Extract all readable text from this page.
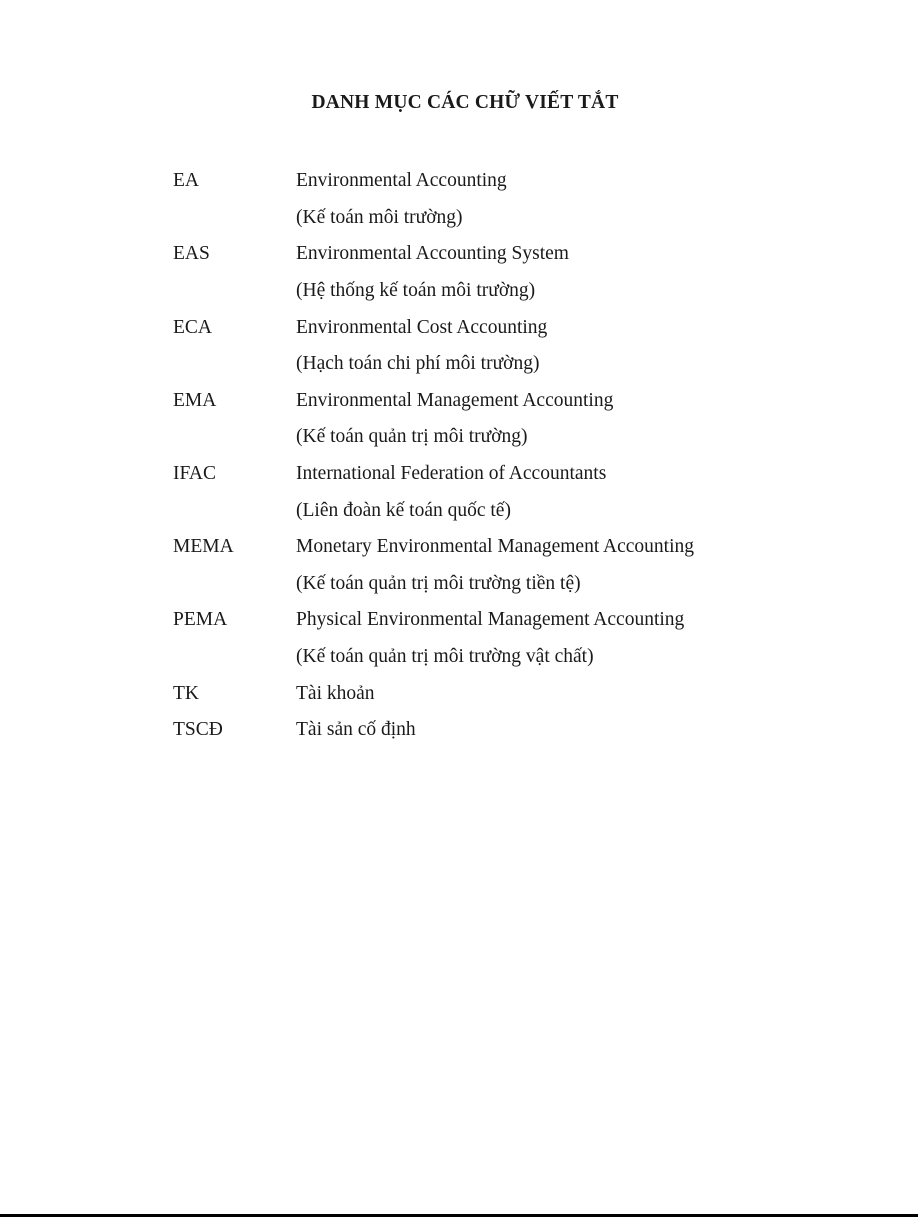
DANH MỤC CÁC CHỮ VIẾT TẮT
EA	Environmental Accounting
(Kế toán môi trường)
EAS	Environmental Accounting System
(Hệ thống kế toán môi trường)
ECA	Environmental Cost Accounting
(Hạch toán chi phí môi trường)
EMA	Environmental Management Accounting
(Kế toán quản trị môi trường)
IFAC	International Federation of Accountants
(Liên đoàn kế toán quốc tế)
MEMA	Monetary Environmental Management Accounting
(Kế toán quản trị môi trường tiền tệ)
PEMA	Physical Environmental Management Accounting
(Kế toán quản trị môi trường vật chất)
TK	Tài khoản
TSCĐ	Tài sản cố định
